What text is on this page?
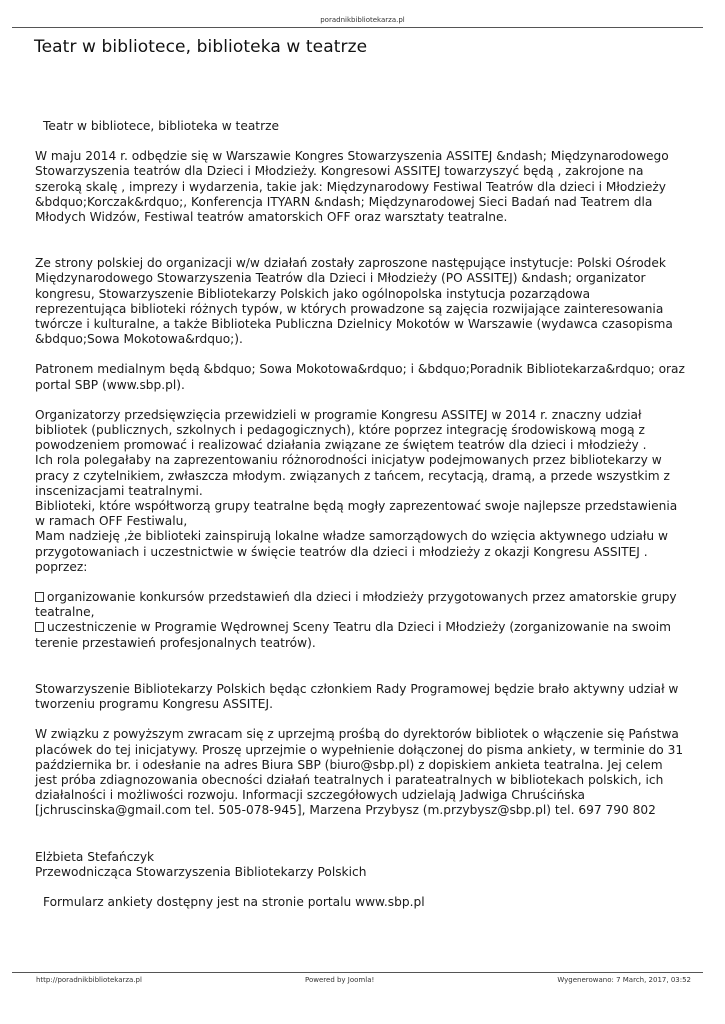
poradnikbibliotekarza.pl
Teatr w bibliotece, biblioteka w teatrze

Teatr w bibliotece, biblioteka w teatrze

W maju 2014 r. odbędzie się w Warszawie Kongres Stowarzyszenia ASSITEJ &ndash; Międzynarodowego Stowarzyszenia teatrów dla Dzieci i Młodzieży. Kongresowi ASSITEJ towarzyszyć będą , zakrojone na szeroką skalę , imprezy i wydarzenia, takie jak: Międzynarodowy Festiwal Teatrów dla dzieci i Młodzieży &bdquo;Korczak&rdquo;, Konferencja ITYARN &ndash; Międzynarodowej Sieci Badań nad Teatrem dla Młodych Widzów, Festiwal teatrów amatorskich OFF oraz warsztaty teatralne.

Ze strony polskiej do organizacji w/w działań zostały zaproszone następujące instytucje: Polski Ośrodek Międzynarodowego Stowarzyszenia Teatrów dla Dzieci i Młodzieży (PO ASSITEJ) &ndash; organizator kongresu, Stowarzyszenie Bibliotekarzy Polskich jako ogólnopolska instytucja pozarządowa reprezentująca biblioteki różnych typów, w których prowadzone są zajęcia rozwijające zainteresowania twórcze i kulturalne, a także Biblioteka Publiczna Dzielnicy Mokotów w Warszawie (wydawca czasopisma &bdquo;Sowa Mokotowa&rdquo;).

Patronem medialnym będą &bdquo; Sowa Mokotowa&rdquo; i &bdquo;Poradnik Bibliotekarza&rdquo; oraz portal SBP (www.sbp.pl).

Organizatorzy przedsięwzięcia przewidzieli w programie Kongresu ASSITEJ w 2014 r. znaczny udział bibliotek (publicznych, szkolnych i pedagogicznych), które poprzez integrację środowiskową mogą z powodzeniem promować i realizować działania związane ze świętem teatrów dla dzieci i młodzieży .

Ich rola polegałaby na zaprezentowaniu różnorodności inicjatyw podejmowanych przez bibliotekarzy w pracy z czytelnikiem, zwłaszcza młodym. związanych z tańcem, recytacją, dramą, a przede wszystkim z inscenizacjami teatralnymi.

Biblioteki, które współtworzą grupy teatralne będą mogły zaprezentować swoje najlepsze przedstawienia w ramach OFF Festiwalu,

Mam nadzieję ,że biblioteki zainspirują lokalne władze samorządowych do wzięcia aktywnego udziału w przygotowaniach i uczestnictwie w święcie teatrów dla dzieci i młodzieży z okazji Kongresu ASSITEJ . poprzez:

organizowanie konkursów przedstawień dla dzieci i młodzieży przygotowanych przez amatorskie grupy teatralne,

uczestniczenie w Programie Wędrownej Sceny Teatru dla Dzieci i Młodzieży (zorganizowanie na swoim terenie przestawień profesjonalnych teatrów).

Stowarzyszenie Bibliotekarzy Polskich będąc członkiem Rady Programowej będzie brało aktywny udział w tworzeniu programu Kongresu ASSITEJ.

W związku z powyższym zwracam się z uprzejmą prośbą do dyrektorów bibliotek o włączenie się Państwa placówek do tej inicjatywy. Proszę uprzejmie o wypełnienie dołączonej do pisma ankiety, w terminie do 31 października br. i odesłanie na adres Biura SBP (biuro@sbp.pl) z dopiskiem ankieta teatralna. Jej celem jest próba zdiagnozowania obecności działań teatralnych i parateatralnych w bibliotekach polskich, ich działalności i możliwości rozwoju. Informacji szczegółowych udzielają Jadwiga Chruścińska [jchruscinska@gmail.com tel. 505-078-945], Marzena Przybysz (m.przybysz@sbp.pl) tel. 697 790 802

Elżbieta Stefańczyk

Przewodnicząca Stowarzyszenia Bibliotekarzy Polskich

Formularz ankiety dostępny jest na stronie portalu www.sbp.pl

http://poradnikbibliotekarza.pl	Powered by Joomla!	Wygenerowano: 7 March, 2017, 03:52
